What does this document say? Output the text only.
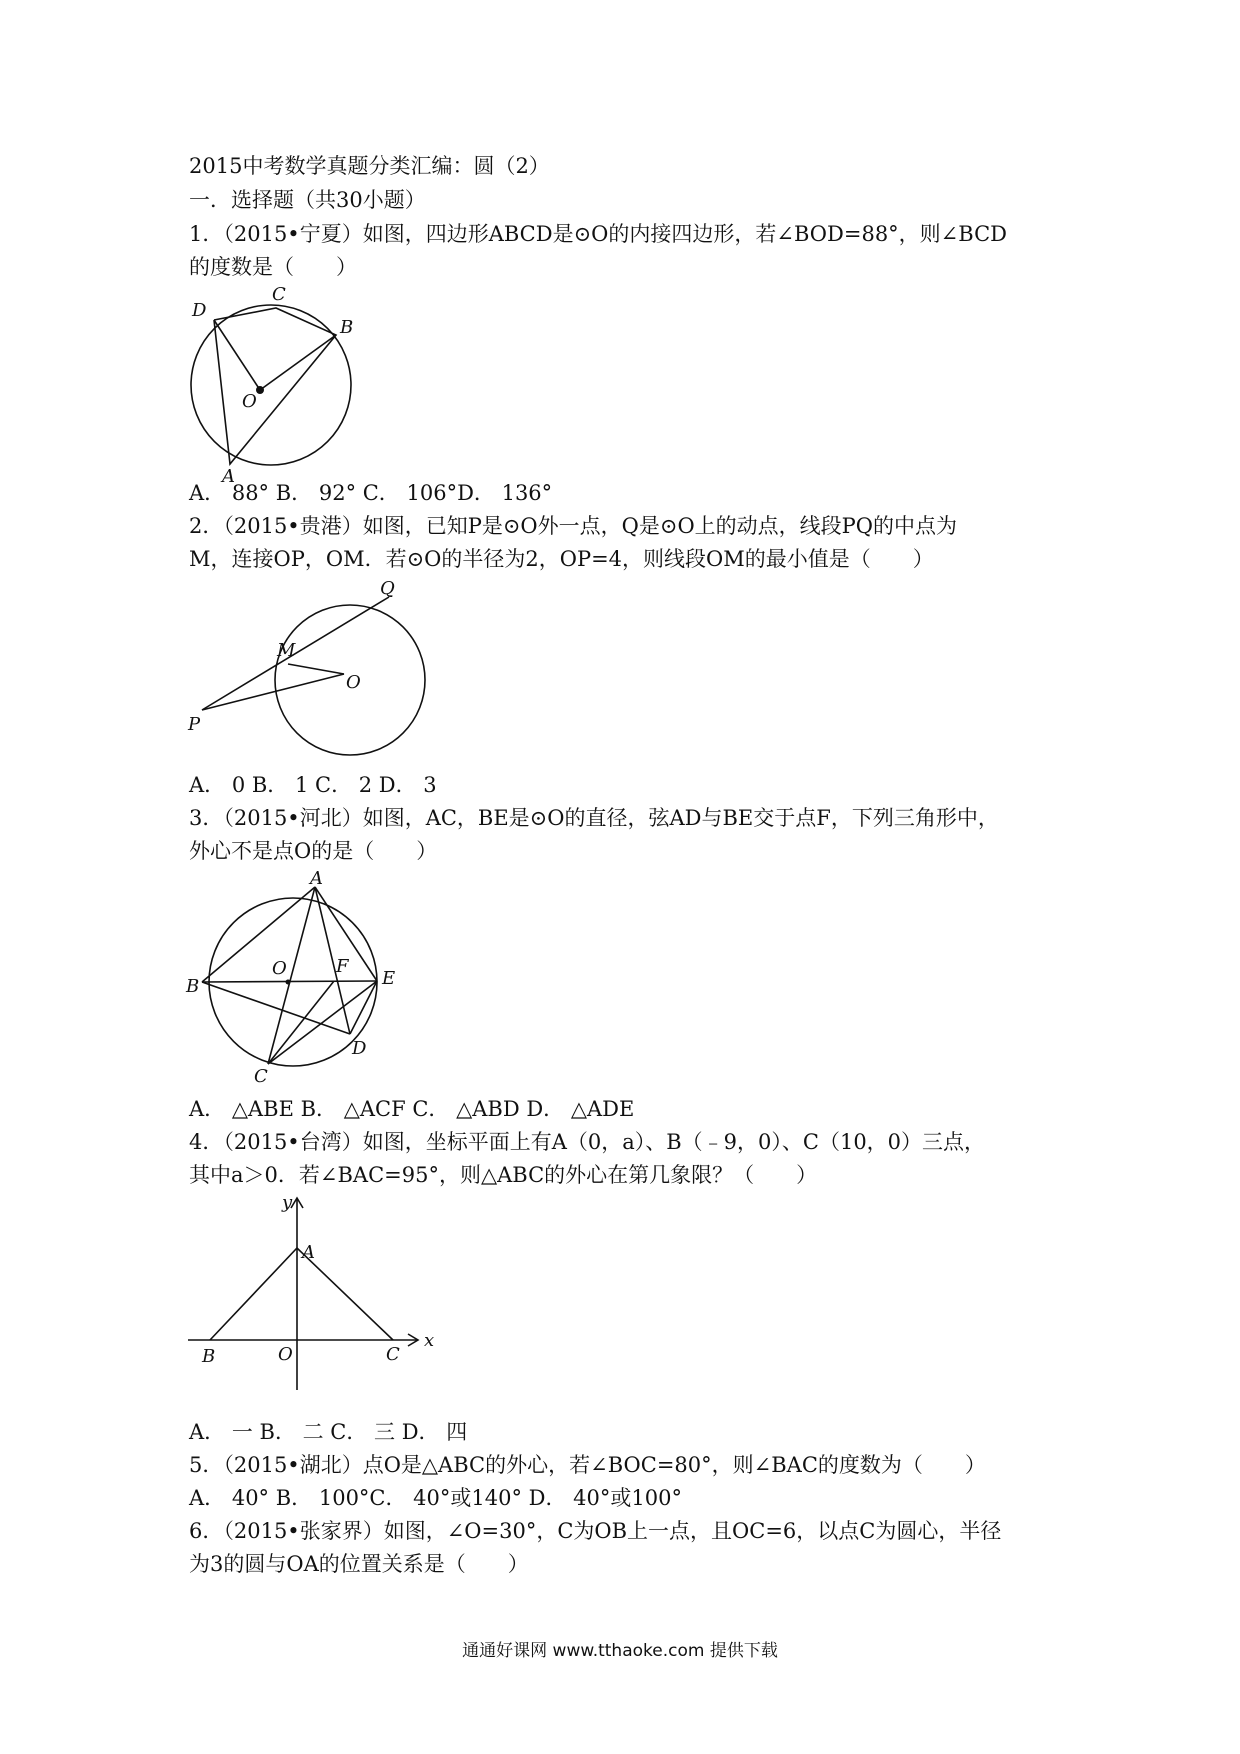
2015中考数学真题分类汇编：圆（2）
一．选择题（共30小题）
1．（2015•宁夏）如图，四边形ABCD是⊙O的内接四边形，若∠BOD=88°，则∠BCD
的度数是（　　）
D
C
B
O
A
A． 88° B． 92° C． 106°D． 136°
2．（2015•贵港）如图，已知P是⊙O外一点，Q是⊙O上的动点，线段PQ的中点为
M，连接OP，OM．若⊙O的半径为2，OP=4，则线段OM的最小值是（　　）
Q
M
O
P
A． 0 B． 1 C． 2 D． 3
3．（2015•河北）如图，AC，BE是⊙O的直径，弦AD与BE交于点F，下列三角形中，
外心不是点O的是（　　）
A
O	F
B	E
D
C
A． △ABE B． △ACF C． △ABD D． △ADE
4．（2015•台湾）如图，坐标平面上有A（0，a）、B（﹣9，0）、C（10，0）三点，
其中a＞0．若∠BAC=95°，则△ABC的外心在第几象限？（　　）
y
A
B	O	C
x
A． 一 B． 二 C． 三 D． 四
5．（2015•湖北）点O是△ABC的外心，若∠BOC=80°，则∠BAC的度数为（　　）
A． 40° B． 100°C． 40°或140° D． 40°或100°
6．（2015•张家界）如图，∠O=30°，C为OB上一点，且OC=6，以点C为圆心，半径
为3的圆与OA的位置关系是（　　）
通通好课网 www.tthaoke.com 提供下载
